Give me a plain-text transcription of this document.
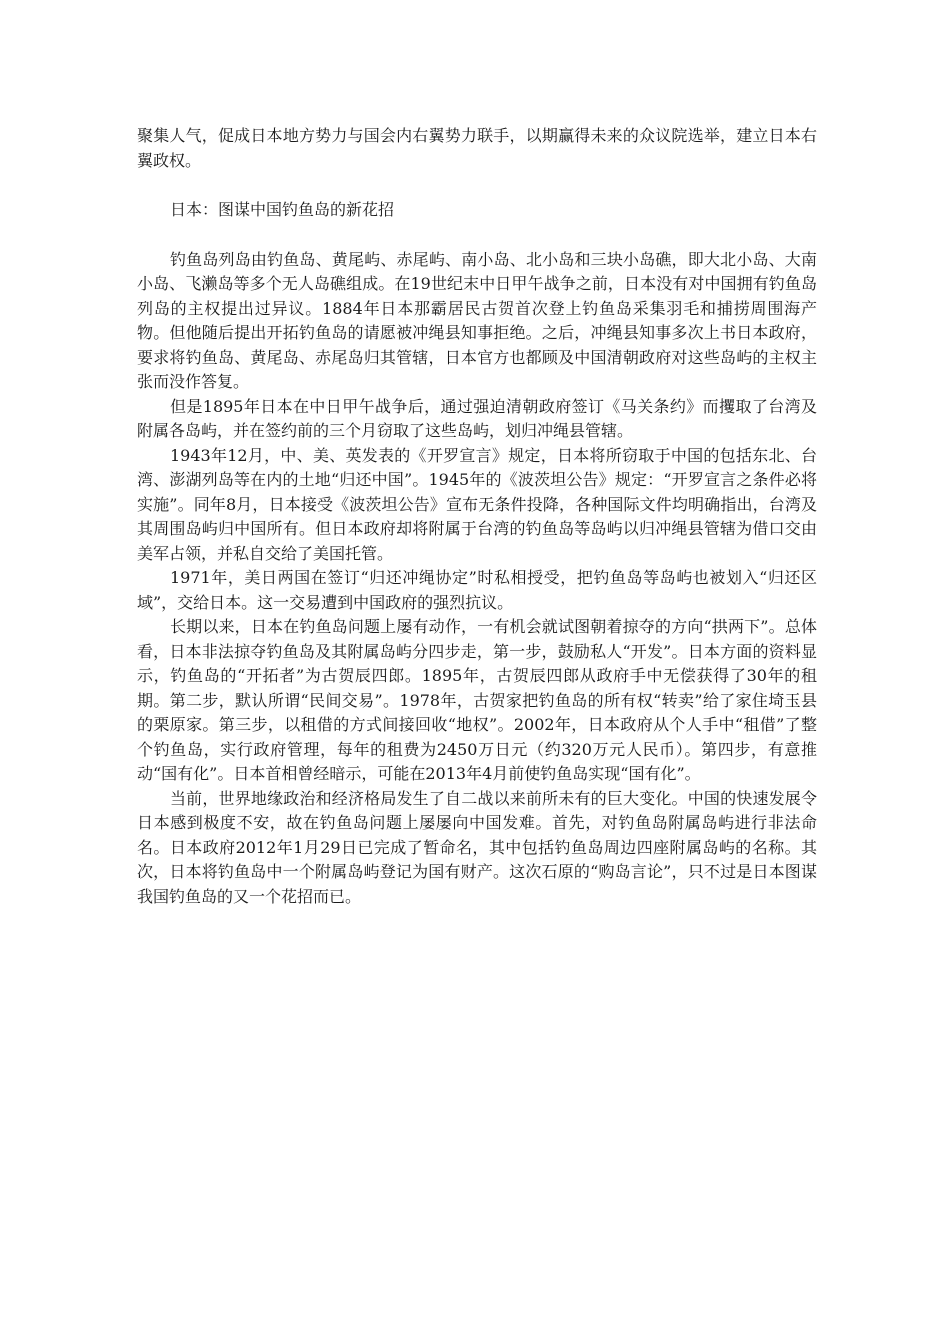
聚集人气，促成日本地方势力与国会内右翼势力联手，以期赢得未来的众议院选举，建立日本右翼政权。

日本：图谋中国钓鱼岛的新花招

钓鱼岛列岛由钓鱼岛、黄尾屿、赤尾屿、南小岛、北小岛和三块小岛礁，即大北小岛、大南小岛、飞濑岛等多个无人岛礁组成。在19世纪末中日甲午战争之前，日本没有对中国拥有钓鱼岛列岛的主权提出过异议。1884年日本那霸居民古贺首次登上钓鱼岛采集羽毛和捕捞周围海产物。但他随后提出开拓钓鱼岛的请愿被冲绳县知事拒绝。之后，冲绳县知事多次上书日本政府，要求将钓鱼岛、黄尾岛、赤尾岛归其管辖，日本官方也都顾及中国清朝政府对这些岛屿的主权主张而没作答复。

但是1895年日本在中日甲午战争后，通过强迫清朝政府签订《马关条约》而攫取了台湾及附属各岛屿，并在签约前的三个月窃取了这些岛屿，划归冲绳县管辖。

1943年12月，中、美、英发表的《开罗宣言》规定，日本将所窃取于中国的包括东北、台湾、澎湖列岛等在内的土地“归还中国”。1945年的《波茨坦公告》规定：“开罗宣言之条件必将实施”。同年8月，日本接受《波茨坦公告》宣布无条件投降，各种国际文件均明确指出，台湾及其周围岛屿归中国所有。但日本政府却将附属于台湾的钓鱼岛等岛屿以归冲绳县管辖为借口交由美军占领，并私自交给了美国托管。

1971年，美日两国在签订“归还冲绳协定”时私相授受，把钓鱼岛等岛屿也被划入“归还区域”，交给日本。这一交易遭到中国政府的强烈抗议。

长期以来，日本在钓鱼岛问题上屡有动作，一有机会就试图朝着掠夺的方向“拱两下”。总体看，日本非法掠夺钓鱼岛及其附属岛屿分四步走，第一步，鼓励私人“开发”。日本方面的资料显示，钓鱼岛的“开拓者”为古贺辰四郎。1895年，古贺辰四郎从政府手中无偿获得了30年的租期。第二步，默认所谓“民间交易”。1978年，古贺家把钓鱼岛的所有权“转卖”给了家住埼玉县的栗原家。第三步，以租借的方式间接回收“地权”。2002年，日本政府从个人手中“租借”了整个钓鱼岛，实行政府管理，每年的租费为2450万日元（约320万元人民币）。第四步，有意推动“国有化”。日本首相曾经暗示，可能在2013年4月前使钓鱼岛实现“国有化”。

当前，世界地缘政治和经济格局发生了自二战以来前所未有的巨大变化。中国的快速发展令日本感到极度不安，故在钓鱼岛问题上屡屡向中国发难。首先，对钓鱼岛附属岛屿进行非法命名。日本政府2012年1月29日已完成了暂命名，其中包括钓鱼岛周边四座附属岛屿的名称。其次，日本将钓鱼岛中一个附属岛屿登记为国有财产。这次石原的“购岛言论”，只不过是日本图谋我国钓鱼岛的又一个花招而已。
